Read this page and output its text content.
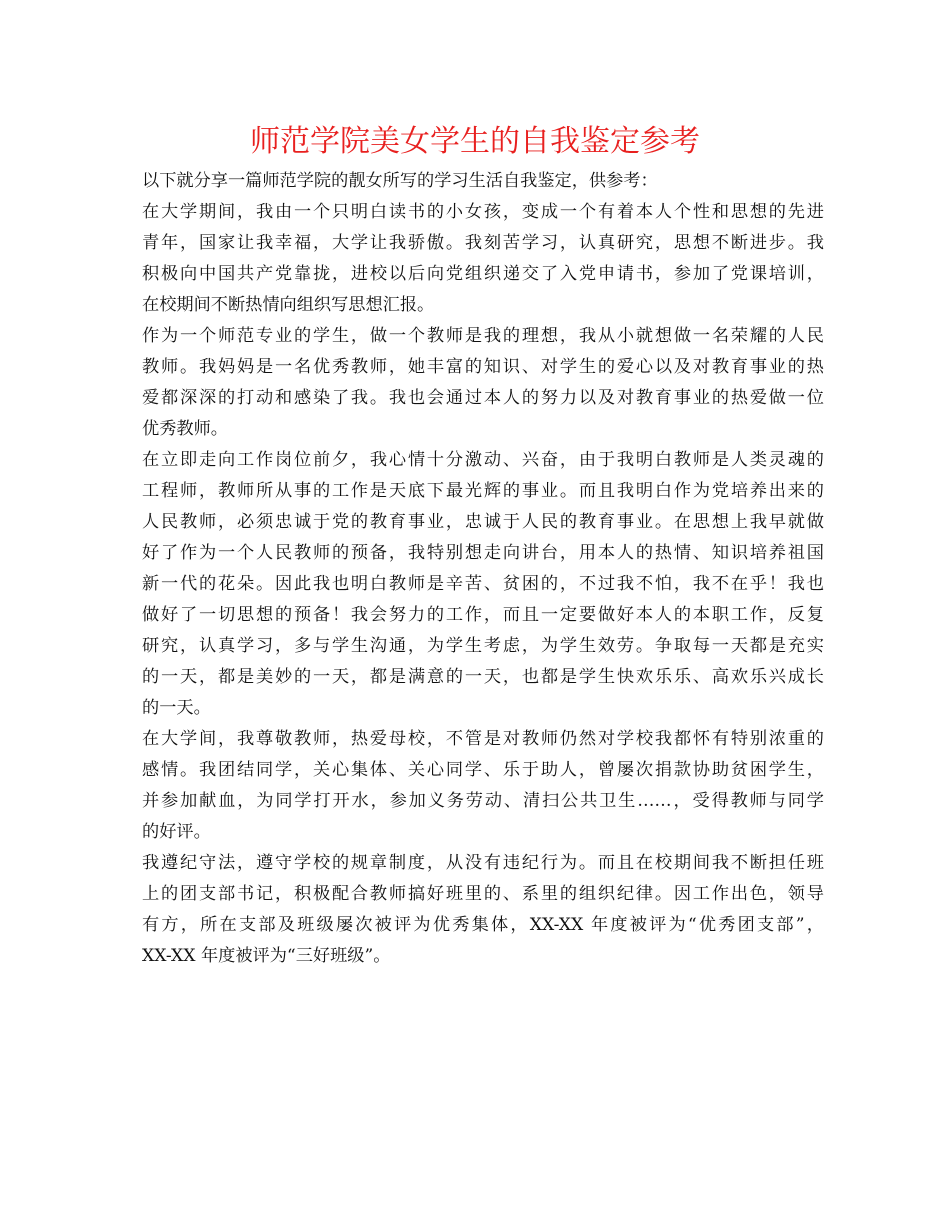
师范学院美女学生的自我鉴定参考
以下就分享一篇师范学院的靓女所写的学习生活自我鉴定，供参考：
在大学期间，我由一个只明白读书的小女孩，变成一个有着本人个性和思想的先进
青年，国家让我幸福，大学让我骄傲。我刻苦学习，认真研究，思想不断进步。我
积极向中国共产党靠拢，进校以后向党组织递交了入党申请书，参加了党课培训，
在校期间不断热情向组织写思想汇报。
作为一个师范专业的学生，做一个教师是我的理想，我从小就想做一名荣耀的人民
教师。我妈妈是一名优秀教师，她丰富的知识、对学生的爱心以及对教育事业的热
爱都深深的打动和感染了我。我也会通过本人的努力以及对教育事业的热爱做一位
优秀教师。
在立即走向工作岗位前夕，我心情十分激动、兴奋，由于我明白教师是人类灵魂的
工程师，教师所从事的工作是天底下最光辉的事业。而且我明白作为党培养出来的
人民教师，必须忠诚于党的教育事业，忠诚于人民的教育事业。在思想上我早就做
好了作为一个人民教师的预备，我特别想走向讲台，用本人的热情、知识培养祖国
新一代的花朵。因此我也明白教师是辛苦、贫困的，不过我不怕，我不在乎！我也
做好了一切思想的预备！我会努力的工作，而且一定要做好本人的本职工作，反复
研究，认真学习，多与学生沟通，为学生考虑，为学生效劳。争取每一天都是充实
的一天，都是美妙的一天，都是满意的一天，也都是学生快欢乐乐、高欢乐兴成长
的一天。
在大学间，我尊敬教师，热爱母校，不管是对教师仍然对学校我都怀有特别浓重的
感情。我团结同学，关心集体、关心同学、乐于助人，曾屡次捐款协助贫困学生，
并参加献血，为同学打开水，参加义务劳动、清扫公共卫生……，受得教师与同学
的好评。
我遵纪守法，遵守学校的规章制度，从没有违纪行为。而且在校期间我不断担任班
上的团支部书记，积极配合教师搞好班里的、系里的组织纪律。因工作出色，领导
有方，所在支部及班级屡次被评为优秀集体，XX-XX 年度被评为“优秀团支部”，
XX-XX 年度被评为“三好班级”。
